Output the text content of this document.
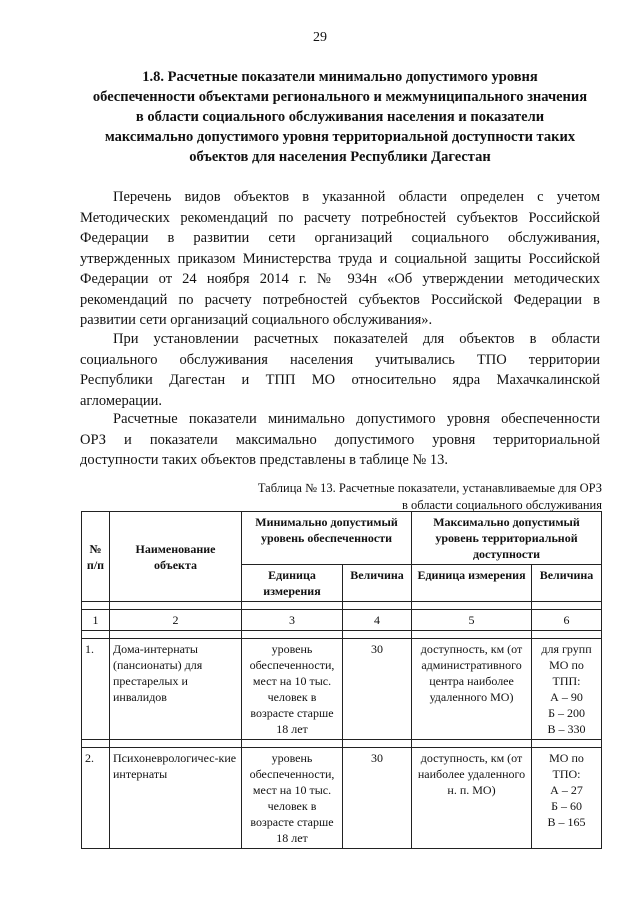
29
1.8. Расчетные показатели минимально допустимого уровня
обеспеченности объектами регионального и межмуниципального значения
в области социального обслуживания населения и показатели
максимально допустимого уровня территориальной доступности таких
объектов для населения Республики Дагестан
Перечень видов объектов в указанной области определен с учетом
Методических рекомендаций по расчету потребностей субъектов Российской
Федерации в развитии сети организаций социального обслуживания,
утвержденных приказом Министерства труда и социальной защиты Российской
Федерации от 24 ноября 2014 г. № 934н «Об утверждении методических
рекомендаций по расчету потребностей субъектов Российской Федерации в
развитии сети организаций социального обслуживания».
При установлении расчетных показателей для объектов в области
социального обслуживания населения учитывались ТПО территории
Республики Дагестан и ТПП МО относительно ядра Махачкалинской
агломерации.
Расчетные показатели минимально допустимого уровня обеспеченности
ОРЗ и показатели максимально допустимого уровня территориальной
доступности таких объектов представлены в таблице № 13.
Таблица № 13. Расчетные показатели, устанавливаемые для ОРЗ
в области социального обслуживания
№ п/п	Наименование объекта	Минимально допустимый уровень обеспеченности		Максимально допустимый уровень территориальной доступности	
		Единица измерения	Величина	Единица измерения	Величина

1	2	3	4	5	6

1.	Дома-интернаты (пансионаты) для престарелых и инвалидов	уровень обеспеченности, мест на 10 тыс. человек в возрасте старше 18 лет	30	доступность, км (от административного центра наиболее удаленного МО)	для групп МО по ТПП:
А – 90
Б – 200
В – 330

2.	Психоневрологичес-кие интернаты	уровень обеспеченности, мест на 10 тыс. человек в возрасте старше 18 лет	30	доступность, км (от наиболее удаленного н. п. МО)	МО по ТПО:
А – 27
Б – 60
В – 165
